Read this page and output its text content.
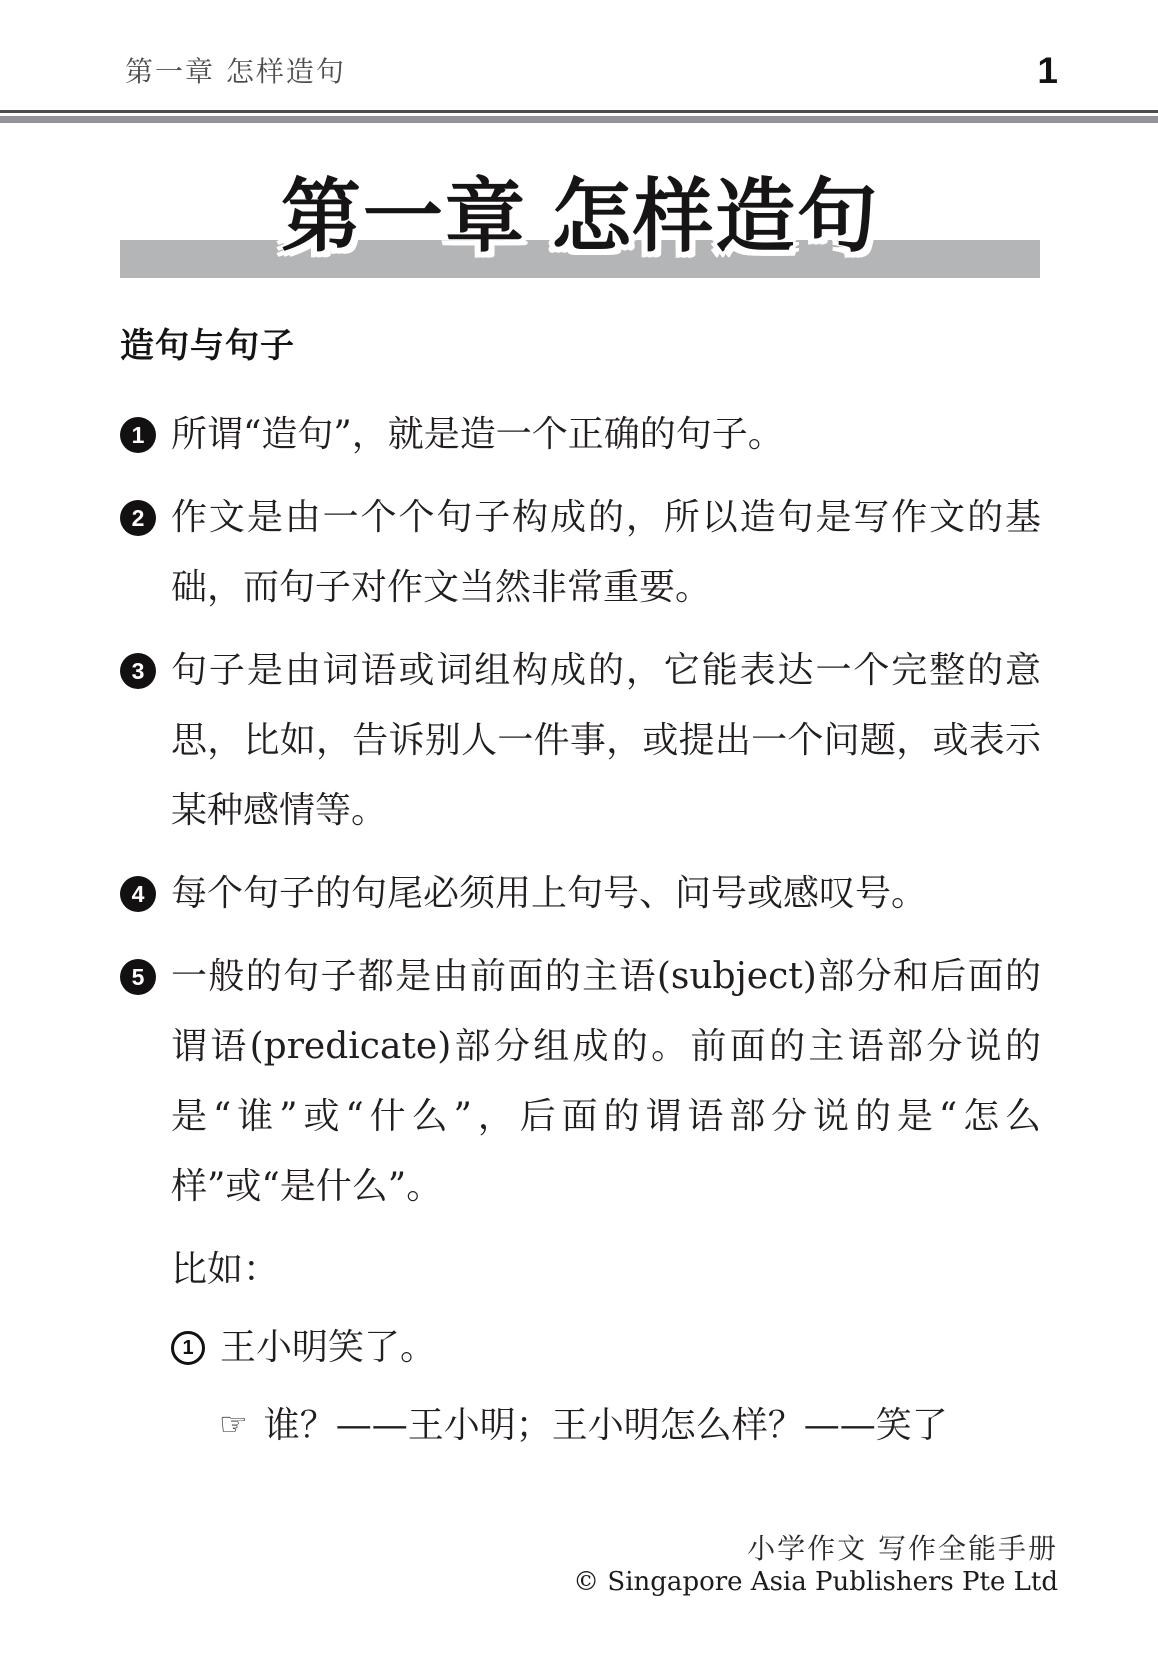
第一章 怎样造句	1
第一章 怎样造句
造句与句子
1 所谓“造句”，就是造一个正确的句子。

2 作文是由一个个句子构成的，所以造句是写作文的基础，而句子对作文当然非常重要。

3 句子是由词语或词组构成的，它能表达一个完整的意思，比如，告诉别人一件事，或提出一个问题，或表示某种感情等。

4 每个句子的句尾必须用上句号、问号或感叹号。

5 一般的句子都是由前面的主语(subject)部分和后面的谓语(predicate)部分组成的。前面的主语部分说的是“谁”或“什么”，后面的谓语部分说的是“怎么样”或“是什么”。

比如：

1 王小明笑了。
☞ 谁？——王小明；王小明怎么样？——笑了
小学作文 写作全能手册
© Singapore Asia Publishers Pte Ltd
